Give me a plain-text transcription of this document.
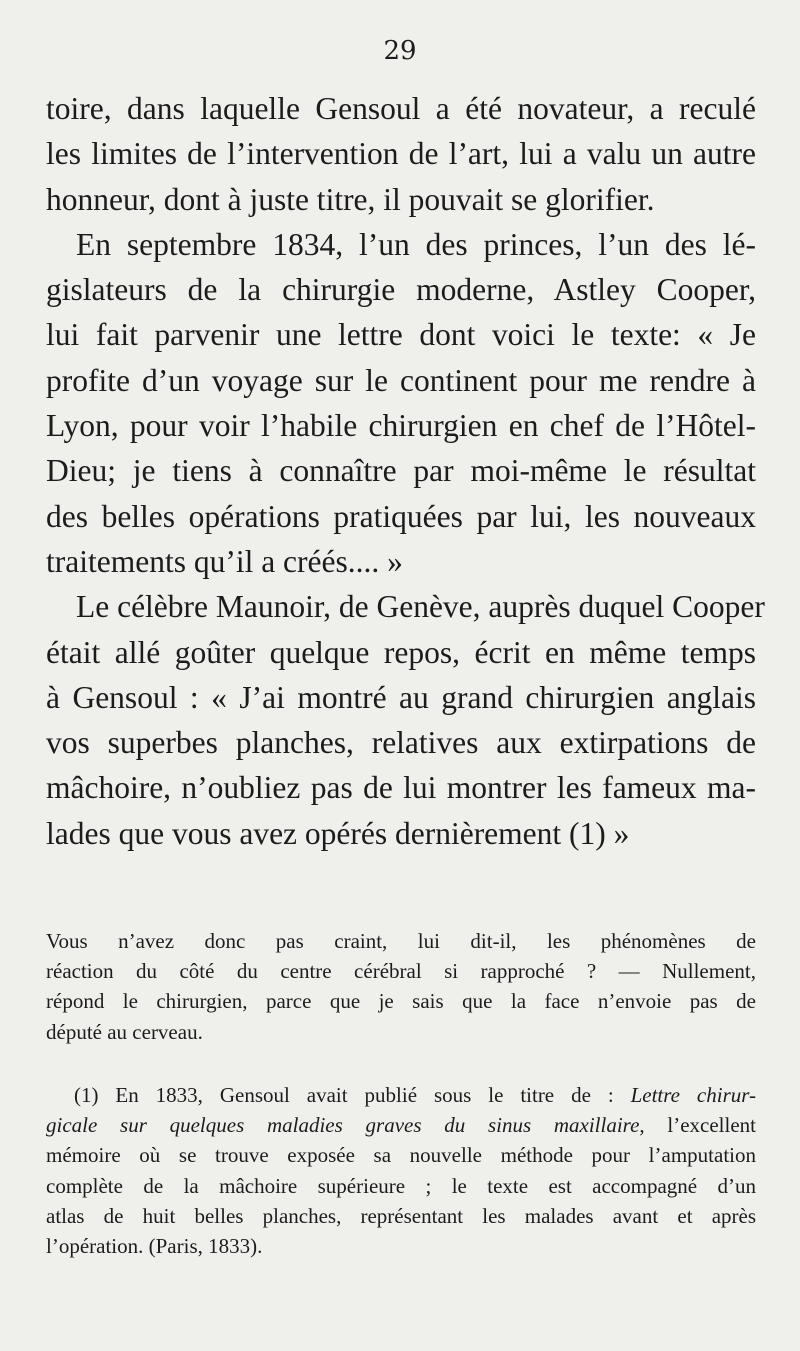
29
toire, dans laquelle Gensoul a été novateur, a reculé
les limites de l’intervention de l’art, lui a valu un autre
honneur, dont à juste titre, il pouvait se glorifier.
En septembre 1834, l’un des princes, l’un des lé-
gislateurs de la chirurgie moderne, Astley Cooper,
lui fait parvenir une lettre dont voici le texte: « Je
profite d’un voyage sur le continent pour me rendre à
Lyon, pour voir l’habile chirurgien en chef de l’Hôtel-
Dieu; je tiens à connaître par moi-même le résultat
des belles opérations pratiquées par lui, les nouveaux
traitements qu’il a créés.... »
Le célèbre Maunoir, de Genève, auprès duquel Cooper
était allé goûter quelque repos, écrit en même temps
à Gensoul : « J’ai montré au grand chirurgien anglais
vos superbes planches, relatives aux extirpations de
mâchoire, n’oubliez pas de lui montrer les fameux ma-
lades que vous avez opérés dernièrement (1) »
Vous n’avez donc pas craint, lui dit-il, les phénomènes de
réaction du côté du centre cérébral si rapproché ? — Nullement,
répond le chirurgien, parce que je sais que la face n’envoie pas de
député au cerveau.
(1) En 1833, Gensoul avait publié sous le titre de : Lettre chirur-
gicale sur quelques maladies graves du sinus maxillaire, l’excellent
mémoire où se trouve exposée sa nouvelle méthode pour l’amputation
complète de la mâchoire supérieure ; le texte est accompagné d’un
atlas de huit belles planches, représentant les malades avant et après
l’opération. (Paris, 1833).
